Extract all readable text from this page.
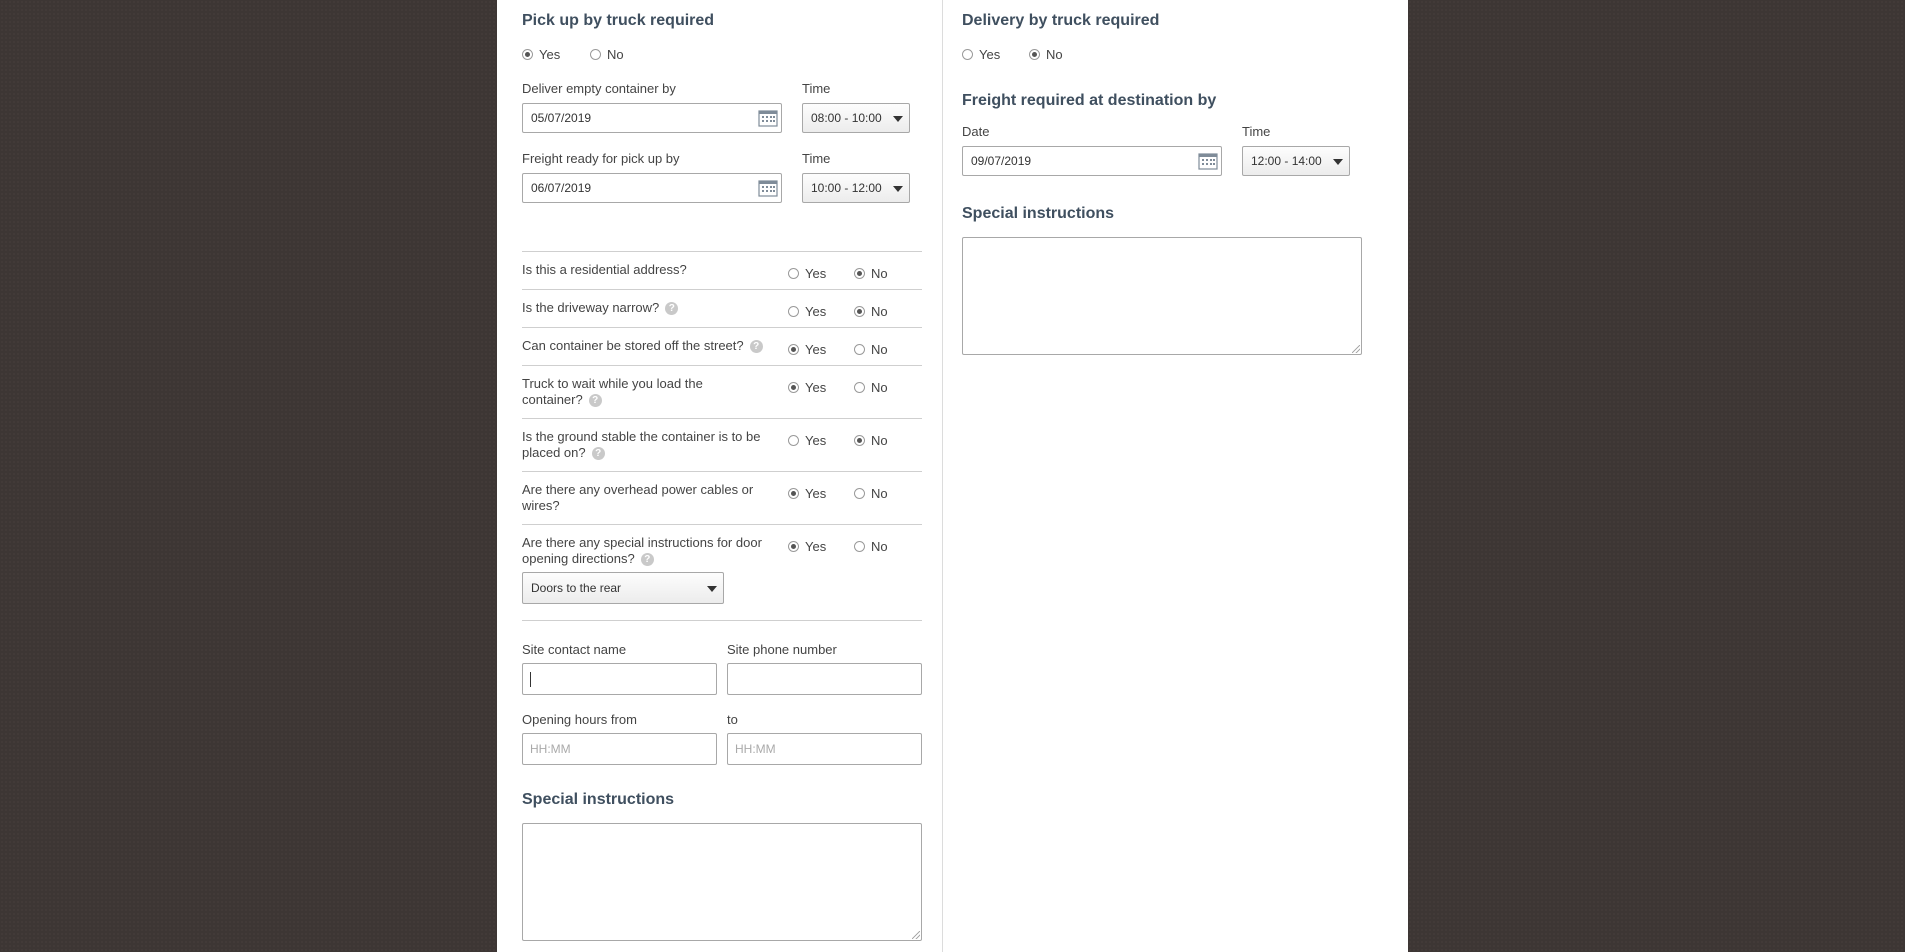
Pick up by truck required
Yes	No
Deliver empty container by	Time
05/07/2019	08:00 - 10:00
Freight ready for pick up by	Time
06/07/2019	10:00 - 12:00
Is this a residential address?	Yes	No
Is the driveway narrow? ?	Yes	No
Can container be stored off the street? ?	Yes	No
Truck to wait while you load the container? ?
Yes	No
Is the ground stable the container is to be placed on? ?
Yes	No
Are there any overhead power cables or wires?
Yes	No
Are there any special instructions for door opening directions? ?
Yes	No
Doors to the rear
Site contact name	Site phone number
Opening hours from	to
HH:MM	HH:MM
Special instructions
Delivery by truck required
Yes	No
Freight required at destination by
Date	Time
09/07/2019	12:00 - 14:00
Special instructions
